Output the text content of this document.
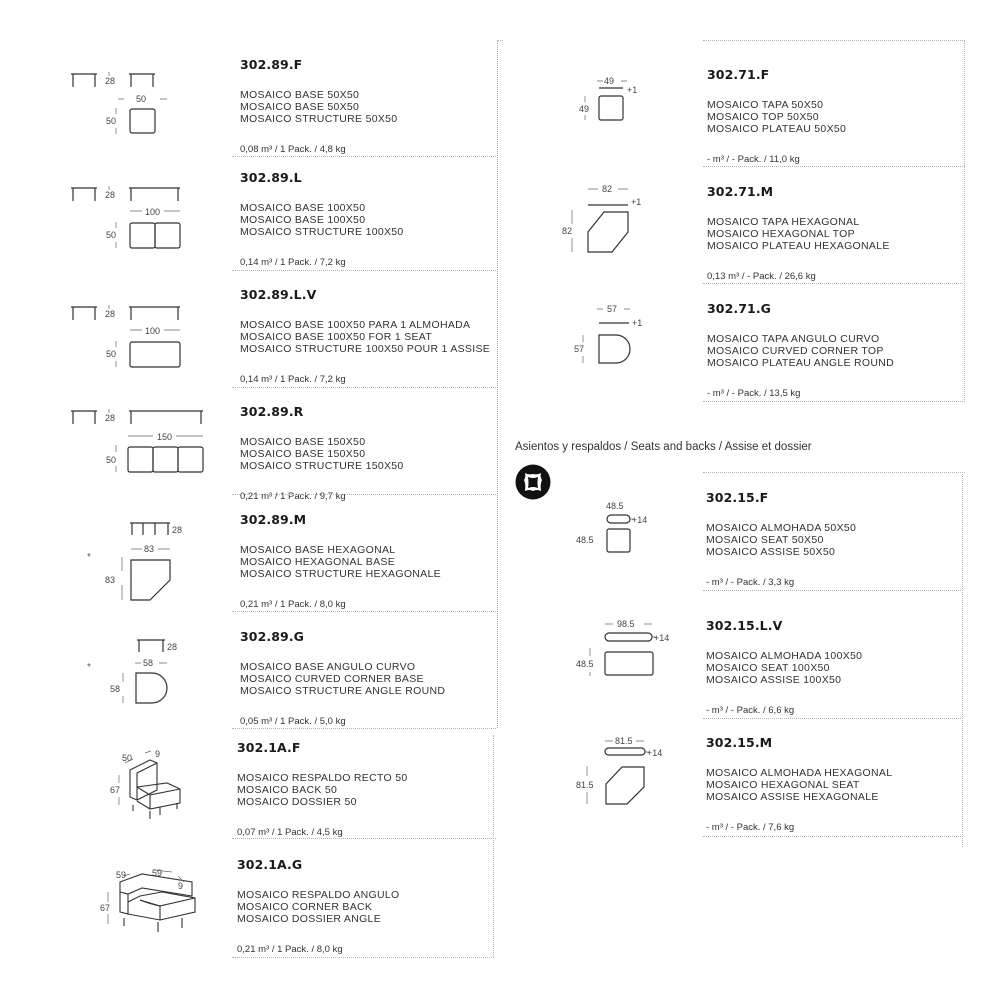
302.89.F
MOSAICO BASE 50X50
MOSAICO BASE 50X50
MOSAICO STRUCTURE 50X50
0,08 m³ / 1 Pack. / 4,8 kg
28
50
50
302.89.L
MOSAICO BASE 100X50
MOSAICO BASE 100X50
MOSAICO STRUCTURE 100X50
0,14 m³ / 1 Pack. / 7,2 kg
28
100
50
302.89.L.V
MOSAICO BASE 100X50 PARA 1 ALMOHADA
MOSAICO BASE 100X50 FOR 1 SEAT
MOSAICO STRUCTURE 100X50 POUR 1 ASSISE
0,14 m³ / 1 Pack. / 7,2 kg
28
100
50
302.89.R
MOSAICO BASE 150X50
MOSAICO BASE 150X50
MOSAICO STRUCTURE 150X50
0,21 m³ / 1 Pack. / 9,7 kg
28
150
50
302.89.M
MOSAICO BASE HEXAGONAL
MOSAICO HEXAGONAL BASE
MOSAICO STRUCTURE HEXAGONALE
0,21 m³ / 1 Pack. / 8,0 kg
*
28
83
83
302.89.G
MOSAICO BASE ANGULO CURVO
MOSAICO CURVED CORNER BASE
MOSAICO STRUCTURE ANGLE ROUND
0,05 m³ / 1 Pack. / 5,0 kg
*
28
58
58
302.1A.F
MOSAICO RESPALDO RECTO 50
MOSAICO BACK 50
MOSAICO DOSSIER 50
0,07 m³ / 1 Pack. / 4,5 kg
50	9
67
302.1A.G
MOSAICO RESPALDO ANGULO
MOSAICO CORNER BACK
MOSAICO DOSSIER ANGLE
0,21 m³ / 1 Pack. / 8,0 kg
59	59
9
67
302.71.F
MOSAICO TAPA 50X50
MOSAICO TOP 50X50
MOSAICO PLATEAU 50X50
- m³ / - Pack. / 11,0 kg
49
+1
49
302.71.M
MOSAICO TAPA HEXAGONAL
MOSAICO HEXAGONAL TOP
MOSAICO PLATEAU HEXAGONALE
0,13 m³ / - Pack. / 26,6 kg
82
+1
82
302.71.G
MOSAICO TAPA ANGULO CURVO
MOSAICO CURVED CORNER TOP
MOSAICO PLATEAU ANGLE ROUND
- m³ / - Pack. / 13,5 kg
57
+1
57
Asientos y respaldos / Seats and backs / Assise et dossier
302.15.F
MOSAICO ALMOHADA 50X50
MOSAICO SEAT 50X50
MOSAICO ASSISE 50X50
- m³ / - Pack. / 3,3 kg
48.5
+14
48.5
302.15.L.V
MOSAICO ALMOHADA 100X50
MOSAICO SEAT 100X50
MOSAICO ASSISE 100X50
- m³ / - Pack. / 6,6 kg
98.5
+14
48.5
302.15.M
MOSAICO ALMOHADA HEXAGONAL
MOSAICO HEXAGONAL SEAT
MOSAICO ASSISE HEXAGONALE
- m³ / - Pack. / 7,6 kg
81.5
+14
81.5
